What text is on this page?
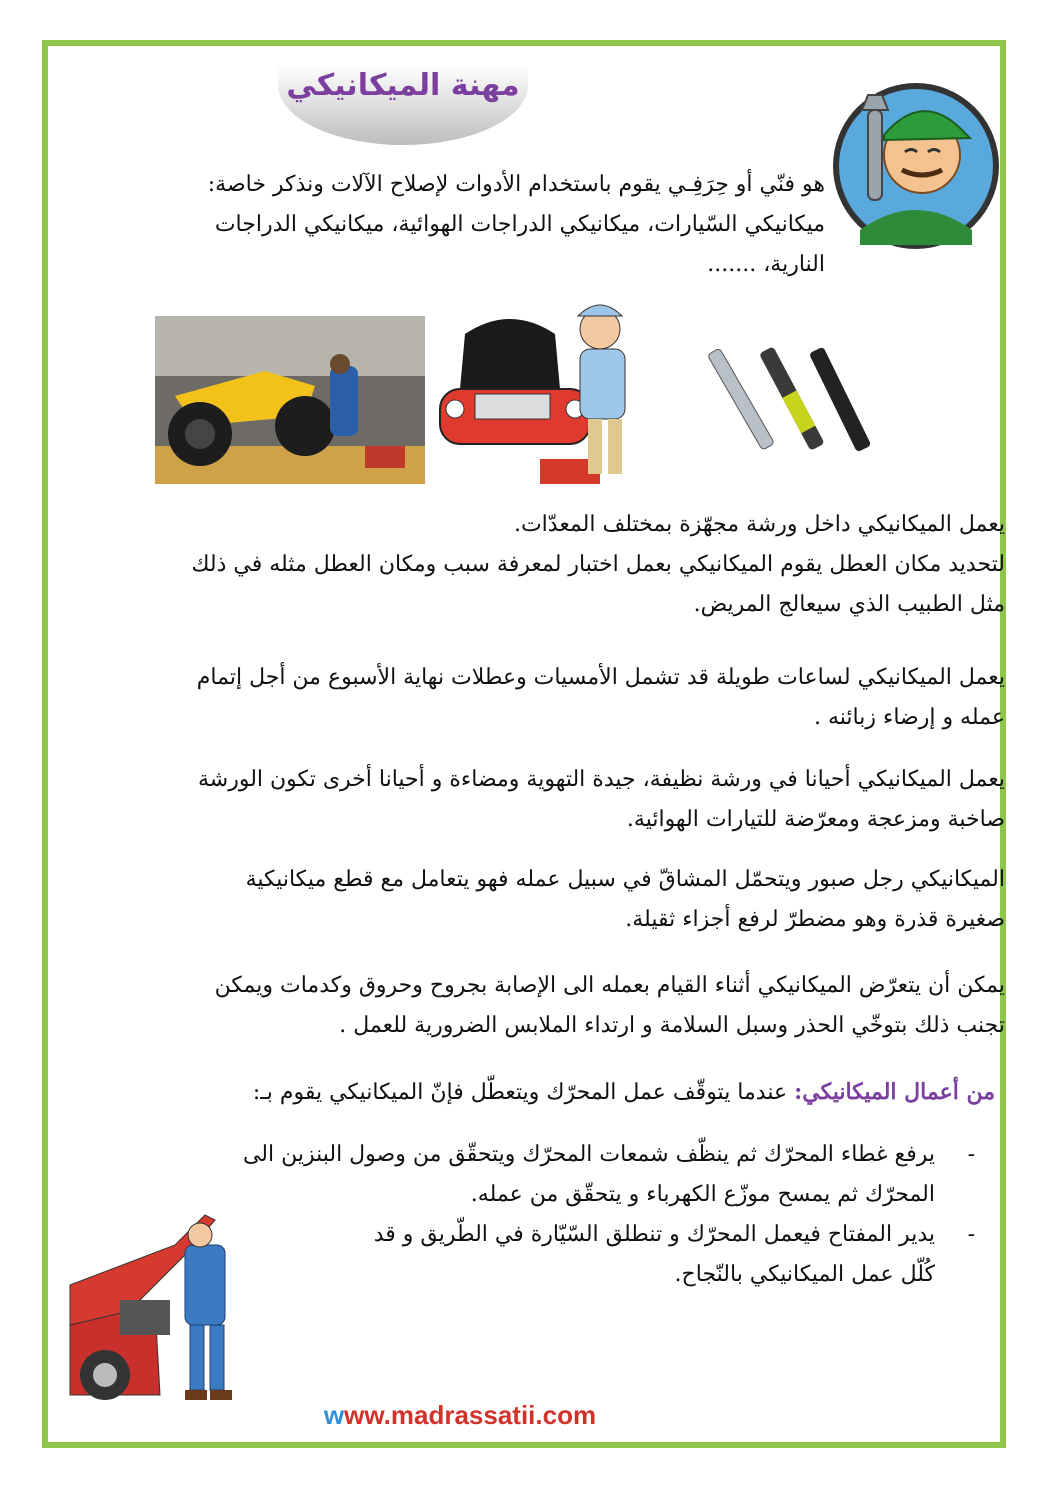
مهنة الميكانيكي

هو فنّي أو حِرَفِـي يقوم باستخدام الأدوات لإصلاح الآلات ونذكر خاصة:

ميكانيكي السّيارات، ميكانيكي الدراجات الهوائية، ميكانيكي الدراجات

النارية، .......

يعمل الميكانيكي داخل ورشة مجهّزة بمختلف المعدّات.

لتحديد مكان العطل يقوم الميكانيكي بعمل اختبار لمعرفة سبب ومكان العطل مثله في ذلك

مثل الطبيب الذي سيعالج المريض.

يعمل الميكانيكي لساعات طويلة قد تشمل الأمسيات وعطلات نهاية الأسبوع من أجل إتمام

عمله و إرضاء زبائنه .

يعمل الميكانيكي أحيانا في ورشة نظيفة، جيدة التهوية ومضاءة و أحيانا أخرى تكون الورشة

صاخبة ومزعجة ومعرّضة للتيارات الهوائية.

الميكانيكي رجل صبور ويتحمّل المشاقّ في سبيل عمله فهو يتعامل مع قطع ميكانيكية

صغيرة قذرة وهو مضطرّ لرفع أجزاء ثقيلة.

يمكن أن يتعرّض الميكانيكي أثناء القيام بعمله الى الإصابة بجروح وحروق وكدمات ويمكن

تجنب ذلك بتوخّي الحذر وسبل السلامة و ارتداء الملابس الضرورية للعمل .

من أعمال الميكانيكي: عندما يتوقّف عمل المحرّك ويتعطّل فإنّ الميكانيكي يقوم بـ:

-

يرفع غطاء المحرّك ثم ينظّف شمعات المحرّك ويتحقّق من وصول البنزين الى

المحرّك ثم يمسح موزّع الكهرباء و يتحقّق من عمله.

-

يدير المفتاح فيعمل المحرّك و تنطلق السّيّارة في الطّريق و قد

كُلّل عمل الميكانيكي بالنّجاح.

www.madrassatii.com
